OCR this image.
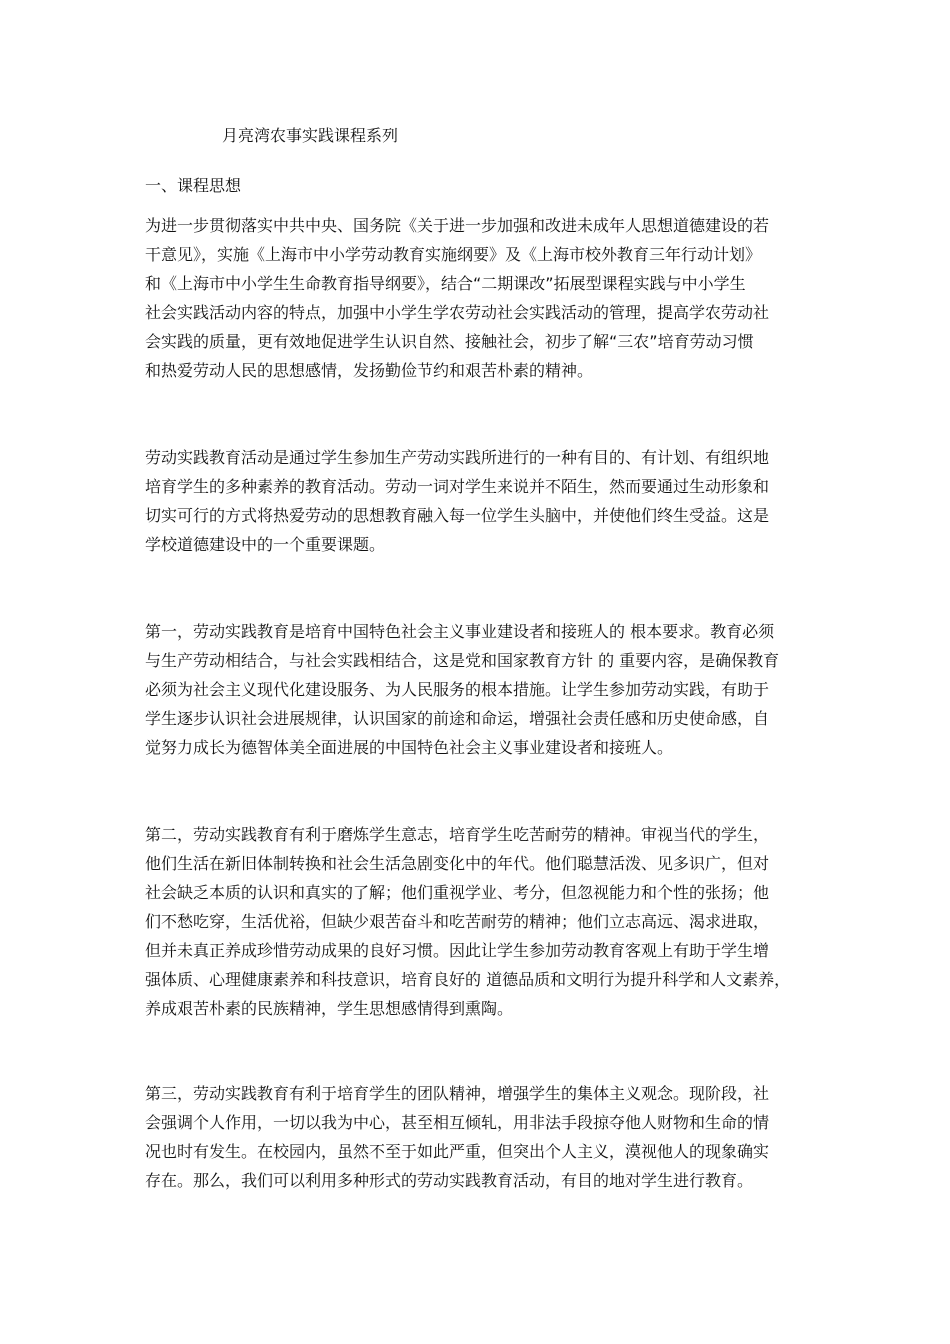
月亮湾农事实践课程系列
一、课程思想
为进一步贯彻落实中共中央、国务院《关于进一步加强和改进未成年人思想道德建设的若
干意见》，实施《上海市中小学劳动教育实施纲要》及《上海市校外教育三年行动计划》
和《上海市中小学生生命教育指导纲要》，结合“二期课改”拓展型课程实践与中小学生
社会实践活动内容的特点，加强中小学生学农劳动社会实践活动的管理，提高学农劳动社
会实践的质量，更有效地促进学生认识自然、接触社会，初步了解“三农”培育劳动习惯
和热爱劳动人民的思想感情，发扬勤俭节约和艰苦朴素的精神。
劳动实践教育活动是通过学生参加生产劳动实践所进行的一种有目的、有计划、有组织地
培育学生的多种素养的教育活动。劳动一词对学生来说并不陌生，然而要通过生动形象和
切实可行的方式将热爱劳动的思想教育融入每一位学生头脑中，并使他们终生受益。这是
学校道德建设中的一个重要课题。
第一，劳动实践教育是培育中国特色社会主义事业建设者和接班人的 根本要求。教育必须
与生产劳动相结合，与社会实践相结合，这是党和国家教育方针 的 重要内容，是确保教育
必须为社会主义现代化建设服务、为人民服务的根本措施。让学生参加劳动实践，有助于
学生逐步认识社会进展规律，认识国家的前途和命运，增强社会责任感和历史使命感，自
觉努力成长为德智体美全面进展的中国特色社会主义事业建设者和接班人。
第二，劳动实践教育有利于磨炼学生意志，培育学生吃苦耐劳的精神。审视当代的学生，
他们生活在新旧体制转换和社会生活急剧变化中的年代。他们聪慧活泼、见多识广，但对
社会缺乏本质的认识和真实的了解；他们重视学业、考分，但忽视能力和个性的张扬；他
们不愁吃穿，生活优裕，但缺少艰苦奋斗和吃苦耐劳的精神；他们立志高远、渴求进取，
但并未真正养成珍惜劳动成果的良好习惯。因此让学生参加劳动教育客观上有助于学生增
强体质、心理健康素养和科技意识，培育良好的 道德品质和文明行为提升科学和人文素养，
养成艰苦朴素的民族精神，学生思想感情得到熏陶。
第三，劳动实践教育有利于培育学生的团队精神，增强学生的集体主义观念。现阶段，社
会强调个人作用，一切以我为中心，甚至相互倾轧，用非法手段掠夺他人财物和生命的情
况也时有发生。在校园内，虽然不至于如此严重，但突出个人主义，漠视他人的现象确实
存在。那么，我们可以利用多种形式的劳动实践教育活动，有目的地对学生进行教育。
